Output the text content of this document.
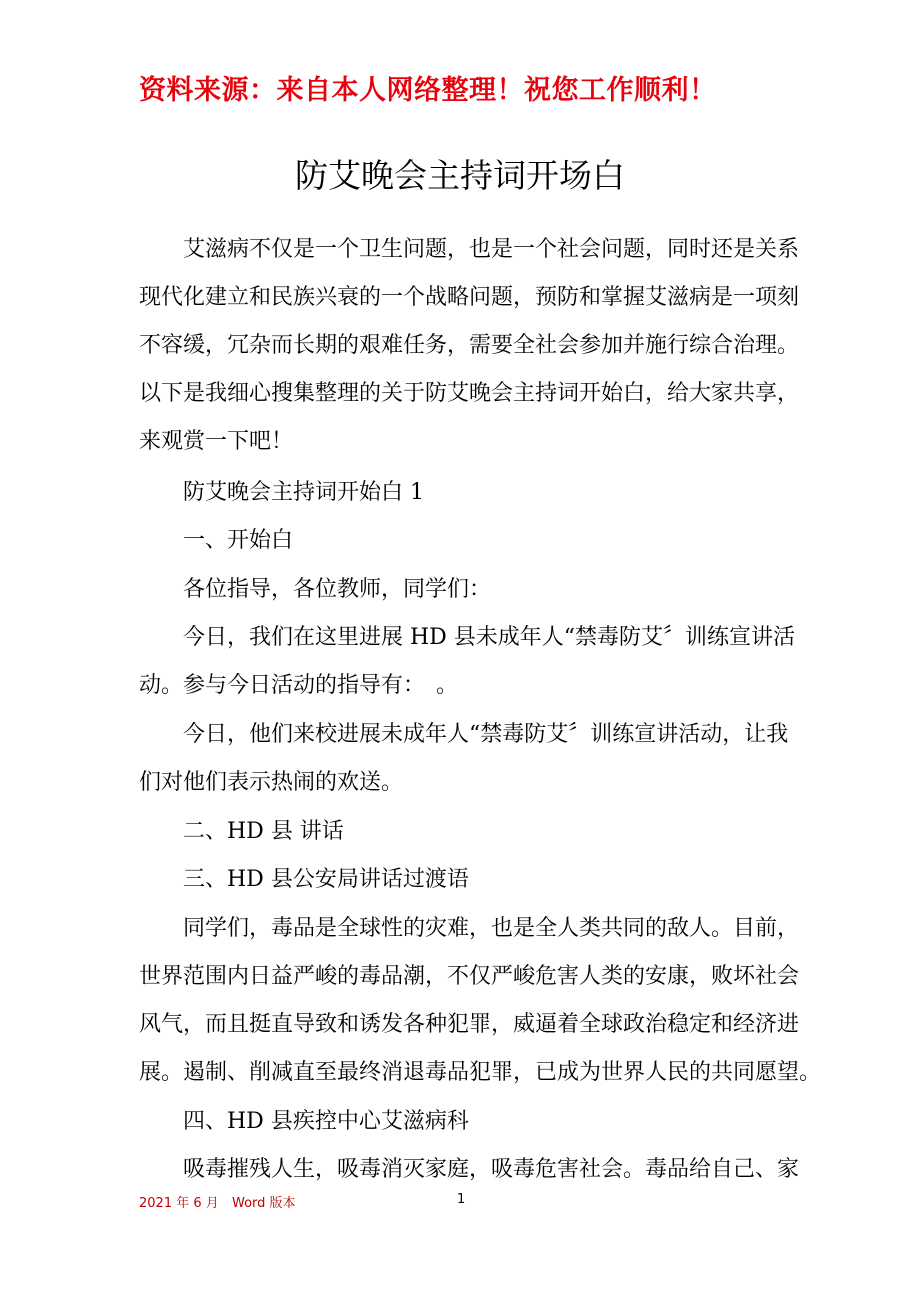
资料来源：来自本人网络整理！祝您工作顺利！
防艾晚会主持词开场白
艾滋病不仅是一个卫生问题，也是一个社会问题，同时还是关系
现代化建立和民族兴衰的一个战略问题，预防和掌握艾滋病是一项刻
不容缓，冗杂而长期的艰难任务，需要全社会参加并施行综合治理。
以下是我细心搜集整理的关于防艾晚会主持词开始白，给大家共享，
来观赏一下吧！
防艾晚会主持词开始白 1
一、开始白
各位指导，各位教师，同学们：
今日，我们在这里进展 HD 县未成年人“禁毒防艾〞训练宣讲活
动。参与今日活动的指导有：　。
今日，他们来校进展未成年人“禁毒防艾〞训练宣讲活动，让我
们对他们表示热闹的欢送。
二、HD 县 讲话
三、HD 县公安局讲话过渡语
同学们，毒品是全球性的灾难，也是全人类共同的敌人。目前，
世界范围内日益严峻的毒品潮，不仅严峻危害人类的安康，败坏社会
风气，而且挺直导致和诱发各种犯罪，威逼着全球政治稳定和经济进
展。遏制、削减直至最终消退毒品犯罪，已成为世界人民的共同愿望。
四、HD 县疾控中心艾滋病科
吸毒摧残人生，吸毒消灭家庭，吸毒危害社会。毒品给自己、家
2021 年 6 月 Word 版本	1
